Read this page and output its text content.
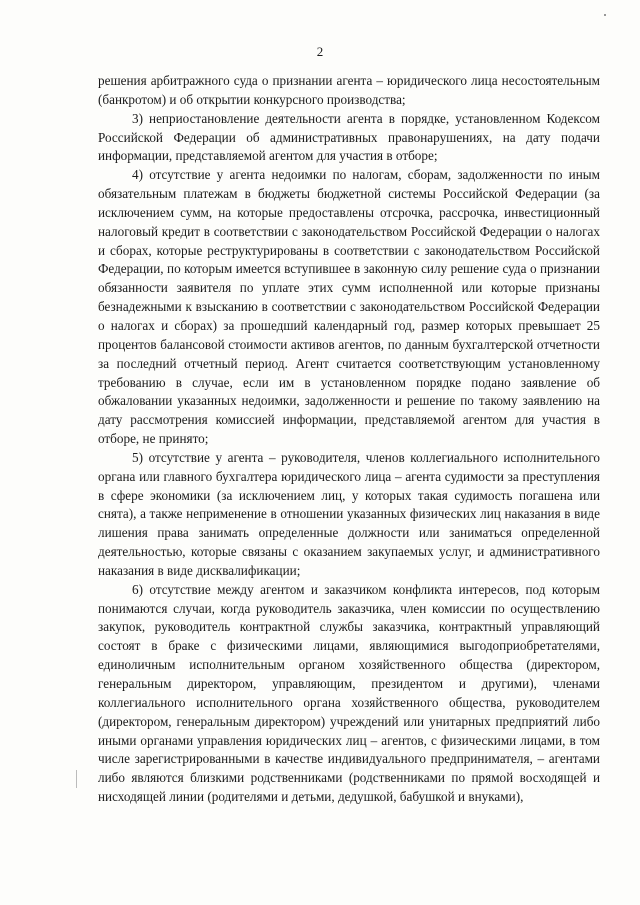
2

решения арбитражного суда о признании агента – юридического лица несостоятельным (банкротом) и об открытии конкурсного производства;

3) неприостановление деятельности агента в порядке, установленном Кодексом Российской Федерации об административных правонарушениях, на дату подачи информации, представляемой агентом для участия в отборе;

4) отсутствие у агента недоимки по налогам, сборам, задолженности по иным обязательным платежам в бюджеты бюджетной системы Российской Федерации (за исключением сумм, на которые предоставлены отсрочка, рассрочка, инвестиционный налоговый кредит в соответствии с законодательством Российской Федерации о налогах и сборах, которые реструктурированы в соответствии с законодательством Российской Федерации, по которым имеется вступившее в законную силу решение суда о признании обязанности заявителя по уплате этих сумм исполненной или которые признаны безнадежными к взысканию в соответствии с законодательством Российской Федерации о налогах и сборах) за прошедший календарный год, размер которых превышает 25 процентов балансовой стоимости активов агентов, по данным бухгалтерской отчетности за последний отчетный период. Агент считается соответствующим установленному требованию в случае, если им в установленном порядке подано заявление об обжаловании указанных недоимки, задолженности и решение по такому заявлению на дату рассмотрения комиссией информации, представляемой агентом для участия в отборе, не принято;

5) отсутствие у агента – руководителя, членов коллегиального исполнительного органа или главного бухгалтера юридического лица – агента судимости за преступления в сфере экономики (за исключением лиц, у которых такая судимость погашена или снята), а также неприменение в отношении указанных физических лиц наказания в виде лишения права занимать определенные должности или заниматься определенной деятельностью, которые связаны с оказанием закупаемых услуг, и административного наказания в виде дисквалификации;

6) отсутствие между агентом и заказчиком конфликта интересов, под которым понимаются случаи, когда руководитель заказчика, член комиссии по осуществлению закупок, руководитель контрактной службы заказчика, контрактный управляющий состоят в браке с физическими лицами, являющимися выгодоприобретателями, единоличным исполнительным органом хозяйственного общества (директором, генеральным директором, управляющим, президентом и другими), членами коллегиального исполнительного органа хозяйственного общества, руководителем (директором, генеральным директором) учреждений или унитарных предприятий либо иными органами управления юридических лиц – агентов, с физическими лицами, в том числе зарегистрированными в качестве индивидуального предпринимателя, – агентами либо являются близкими родственниками (родственниками по прямой восходящей и нисходящей линии (родителями и детьми, дедушкой, бабушкой и внуками),
